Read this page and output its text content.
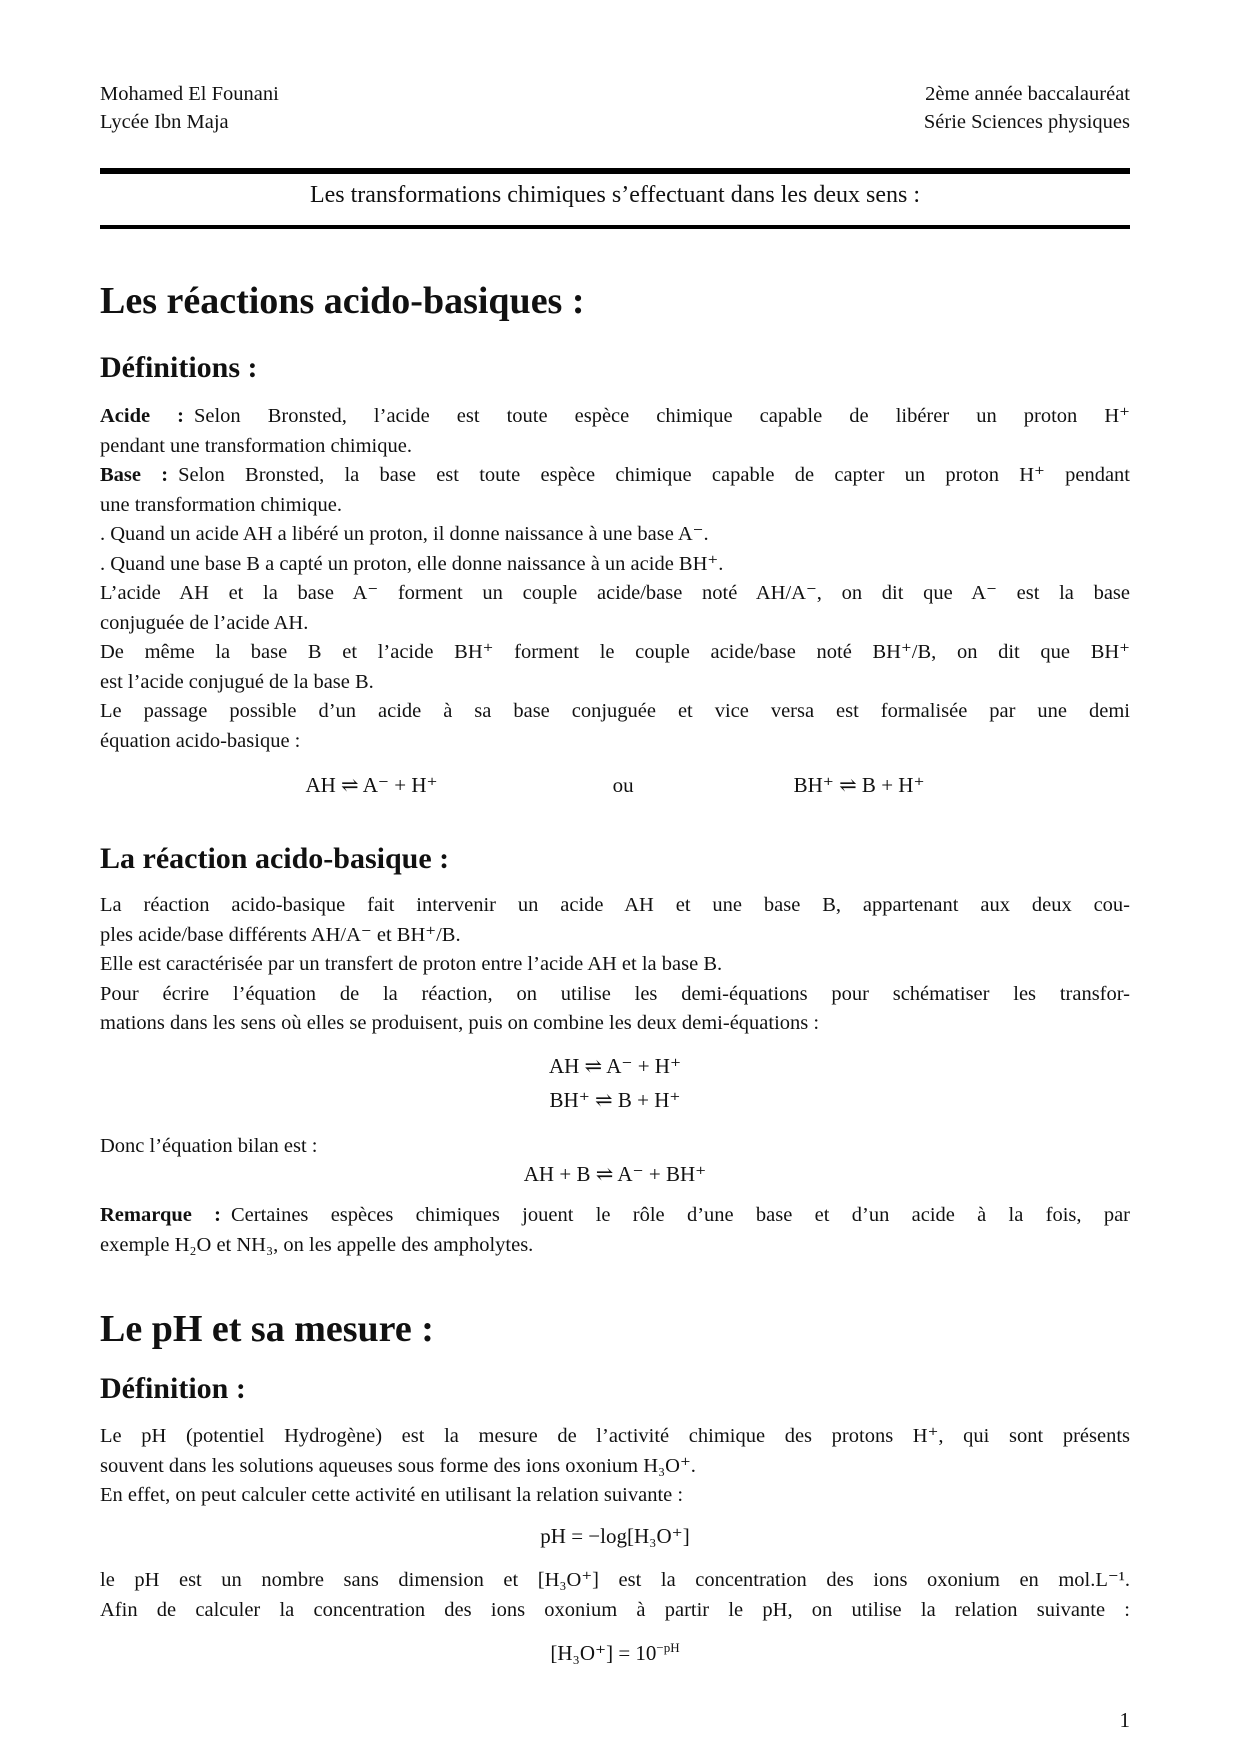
Mohamed El Founani
Lycée Ibn Maja
2ème année baccalauréat
Série Sciences physiques
Les transformations chimiques s’effectuant dans les deux sens :
Les réactions acido-basiques :
Définitions :
Acide : Selon Bronsted, l’acide est toute espèce chimique capable de libérer un proton H⁺
pendant une transformation chimique.
Base : Selon Bronsted, la base est toute espèce chimique capable de capter un proton H⁺ pendant
une transformation chimique.
. Quand un acide AH a libéré un proton, il donne naissance à une base A⁻.
. Quand une base B a capté un proton, elle donne naissance à un acide BH⁺.
L’acide AH et la base A⁻ forment un couple acide/base noté AH/A⁻, on dit que A⁻ est la base
conjuguée de l’acide AH.
De même la base B et l’acide BH⁺ forment le couple acide/base noté BH⁺/B, on dit que BH⁺
est l’acide conjugué de la base B.
Le passage possible d’un acide à sa base conjuguée et vice versa est formalisée par une demi
équation acido-basique :
AH ⇌ A⁻ + H⁺	ou	BH⁺ ⇌ B + H⁺
La réaction acido-basique :
La réaction acido-basique fait intervenir un acide AH et une base B, appartenant aux deux cou-
ples acide/base différents AH/A⁻ et BH⁺/B.
Elle est caractérisée par un transfert de proton entre l’acide AH et la base B.
Pour écrire l’équation de la réaction, on utilise les demi-équations pour schématiser les transfor-
mations dans les sens où elles se produisent, puis on combine les deux demi-équations :
AH ⇌ A⁻ + H⁺
BH⁺ ⇌ B + H⁺
Donc l’équation bilan est :
AH + B ⇌ A⁻ + BH⁺
Remarque : Certaines espèces chimiques jouent le rôle d’une base et d’un acide à la fois, par
exemple H₂O et NH₃, on les appelle des ampholytes.
Le pH et sa mesure :
Définition :
Le pH (potentiel Hydrogène) est la mesure de l’activité chimique des protons H⁺, qui sont présents
souvent dans les solutions aqueuses sous forme des ions oxonium H₃O⁺.
En effet, on peut calculer cette activité en utilisant la relation suivante :
pH = −log[H₃O⁺]
le pH est un nombre sans dimension et [H₃O⁺] est la concentration des ions oxonium en mol.L⁻¹.
Afin de calculer la concentration des ions oxonium à partir le pH, on utilise la relation suivante :
$[H_3O^+] = 10^{-pH}$
1
